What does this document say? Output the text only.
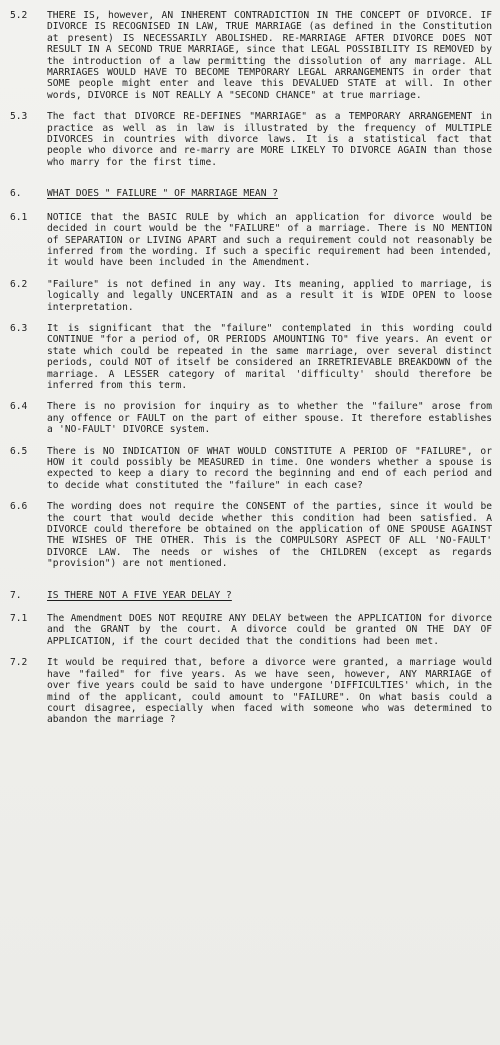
5.2	THERE IS, however, AN INHERENT CONTRADICTION IN THE CONCEPT OF DIVORCE. IF DIVORCE IS RECOGNISED IN LAW, TRUE MARRIAGE (as defined in the Constitution at present) IS NECESSARILY ABOLISHED. RE-MARRIAGE AFTER DIVORCE DOES NOT RESULT IN A SECOND TRUE MARRIAGE, since that LEGAL POSSIBILITY IS REMOVED by the introduction of a law permitting the dissolution of any marriage. ALL MARRIAGES WOULD HAVE TO BECOME TEMPORARY LEGAL ARRANGEMENTS in order that SOME people might enter and leave this DEVALUED STATE at will. In other words, DIVORCE is NOT REALLY A "SECOND CHANCE" at true marriage.
5.3	The fact that DIVORCE RE-DEFINES "MARRIAGE" as a TEMPORARY ARRANGEMENT in practice as well as in law is illustrated by the frequency of MULTIPLE DIVORCES in countries with divorce laws. It is a statistical fact that people who divorce and re-marry are MORE LIKELY TO DIVORCE AGAIN than those who marry for the first time.
6.	WHAT DOES " FAILURE " OF MARRIAGE MEAN ?
6.1	NOTICE that the BASIC RULE by which an application for divorce would be decided in court would be the "FAILURE" of a marriage. There is NO MENTION of SEPARATION or LIVING APART and such a requirement could not reasonably be inferred from the wording. If such a specific requirement had been intended, it would have been included in the Amendment.
6.2	"Failure" is not defined in any way. Its meaning, applied to marriage, is logically and legally UNCERTAIN and as a result it is WIDE OPEN to loose interpretation.
6.3	It is significant that the "failure" contemplated in this wording could CONTINUE "for a period of, OR PERIODS AMOUNTING TO" five years. An event or state which could be repeated in the same marriage, over several distinct periods, could NOT of itself be considered an IRRETRIEVABLE BREAKDOWN of the marriage. A LESSER category of marital 'difficulty' should therefore be inferred from this term.
6.4	There is no provision for inquiry as to whether the "failure" arose from any offence or FAULT on the part of either spouse. It therefore establishes a 'NO-FAULT' DIVORCE system.
6.5	There is NO INDICATION OF WHAT WOULD CONSTITUTE A PERIOD OF "FAILURE", or HOW it could possibly be MEASURED in time. One wonders whether a spouse is expected to keep a diary to record the beginning and end of each period and to decide what constituted the "failure" in each case?
6.6	The wording does not require the CONSENT of the parties, since it would be the court that would decide whether this condition had been satisfied. A DIVORCE could therefore be obtained on the application of ONE SPOUSE AGAINST THE WISHES OF THE OTHER. This is the COMPULSORY ASPECT OF ALL 'NO-FAULT' DIVORCE LAW. The needs or wishes of the CHILDREN (except as regards "provision") are not mentioned.
7.	IS THERE NOT A FIVE YEAR DELAY ?
7.1	The Amendment DOES NOT REQUIRE ANY DELAY between the APPLICATION for divorce and the GRANT by the court. A divorce could be granted ON THE DAY OF APPLICATION, if the court decided that the conditions had been met.
7.2	It would be required that, before a divorce were granted, a marriage would have "failed" for five years. As we have seen, however, ANY MARRIAGE of over five years could be said to have undergone 'DIFFICULTIES' which, in the mind of the applicant, could amount to "FAILURE". On what basis could a court disagree, especially when faced with someone who was determined to abandon the marriage ?
